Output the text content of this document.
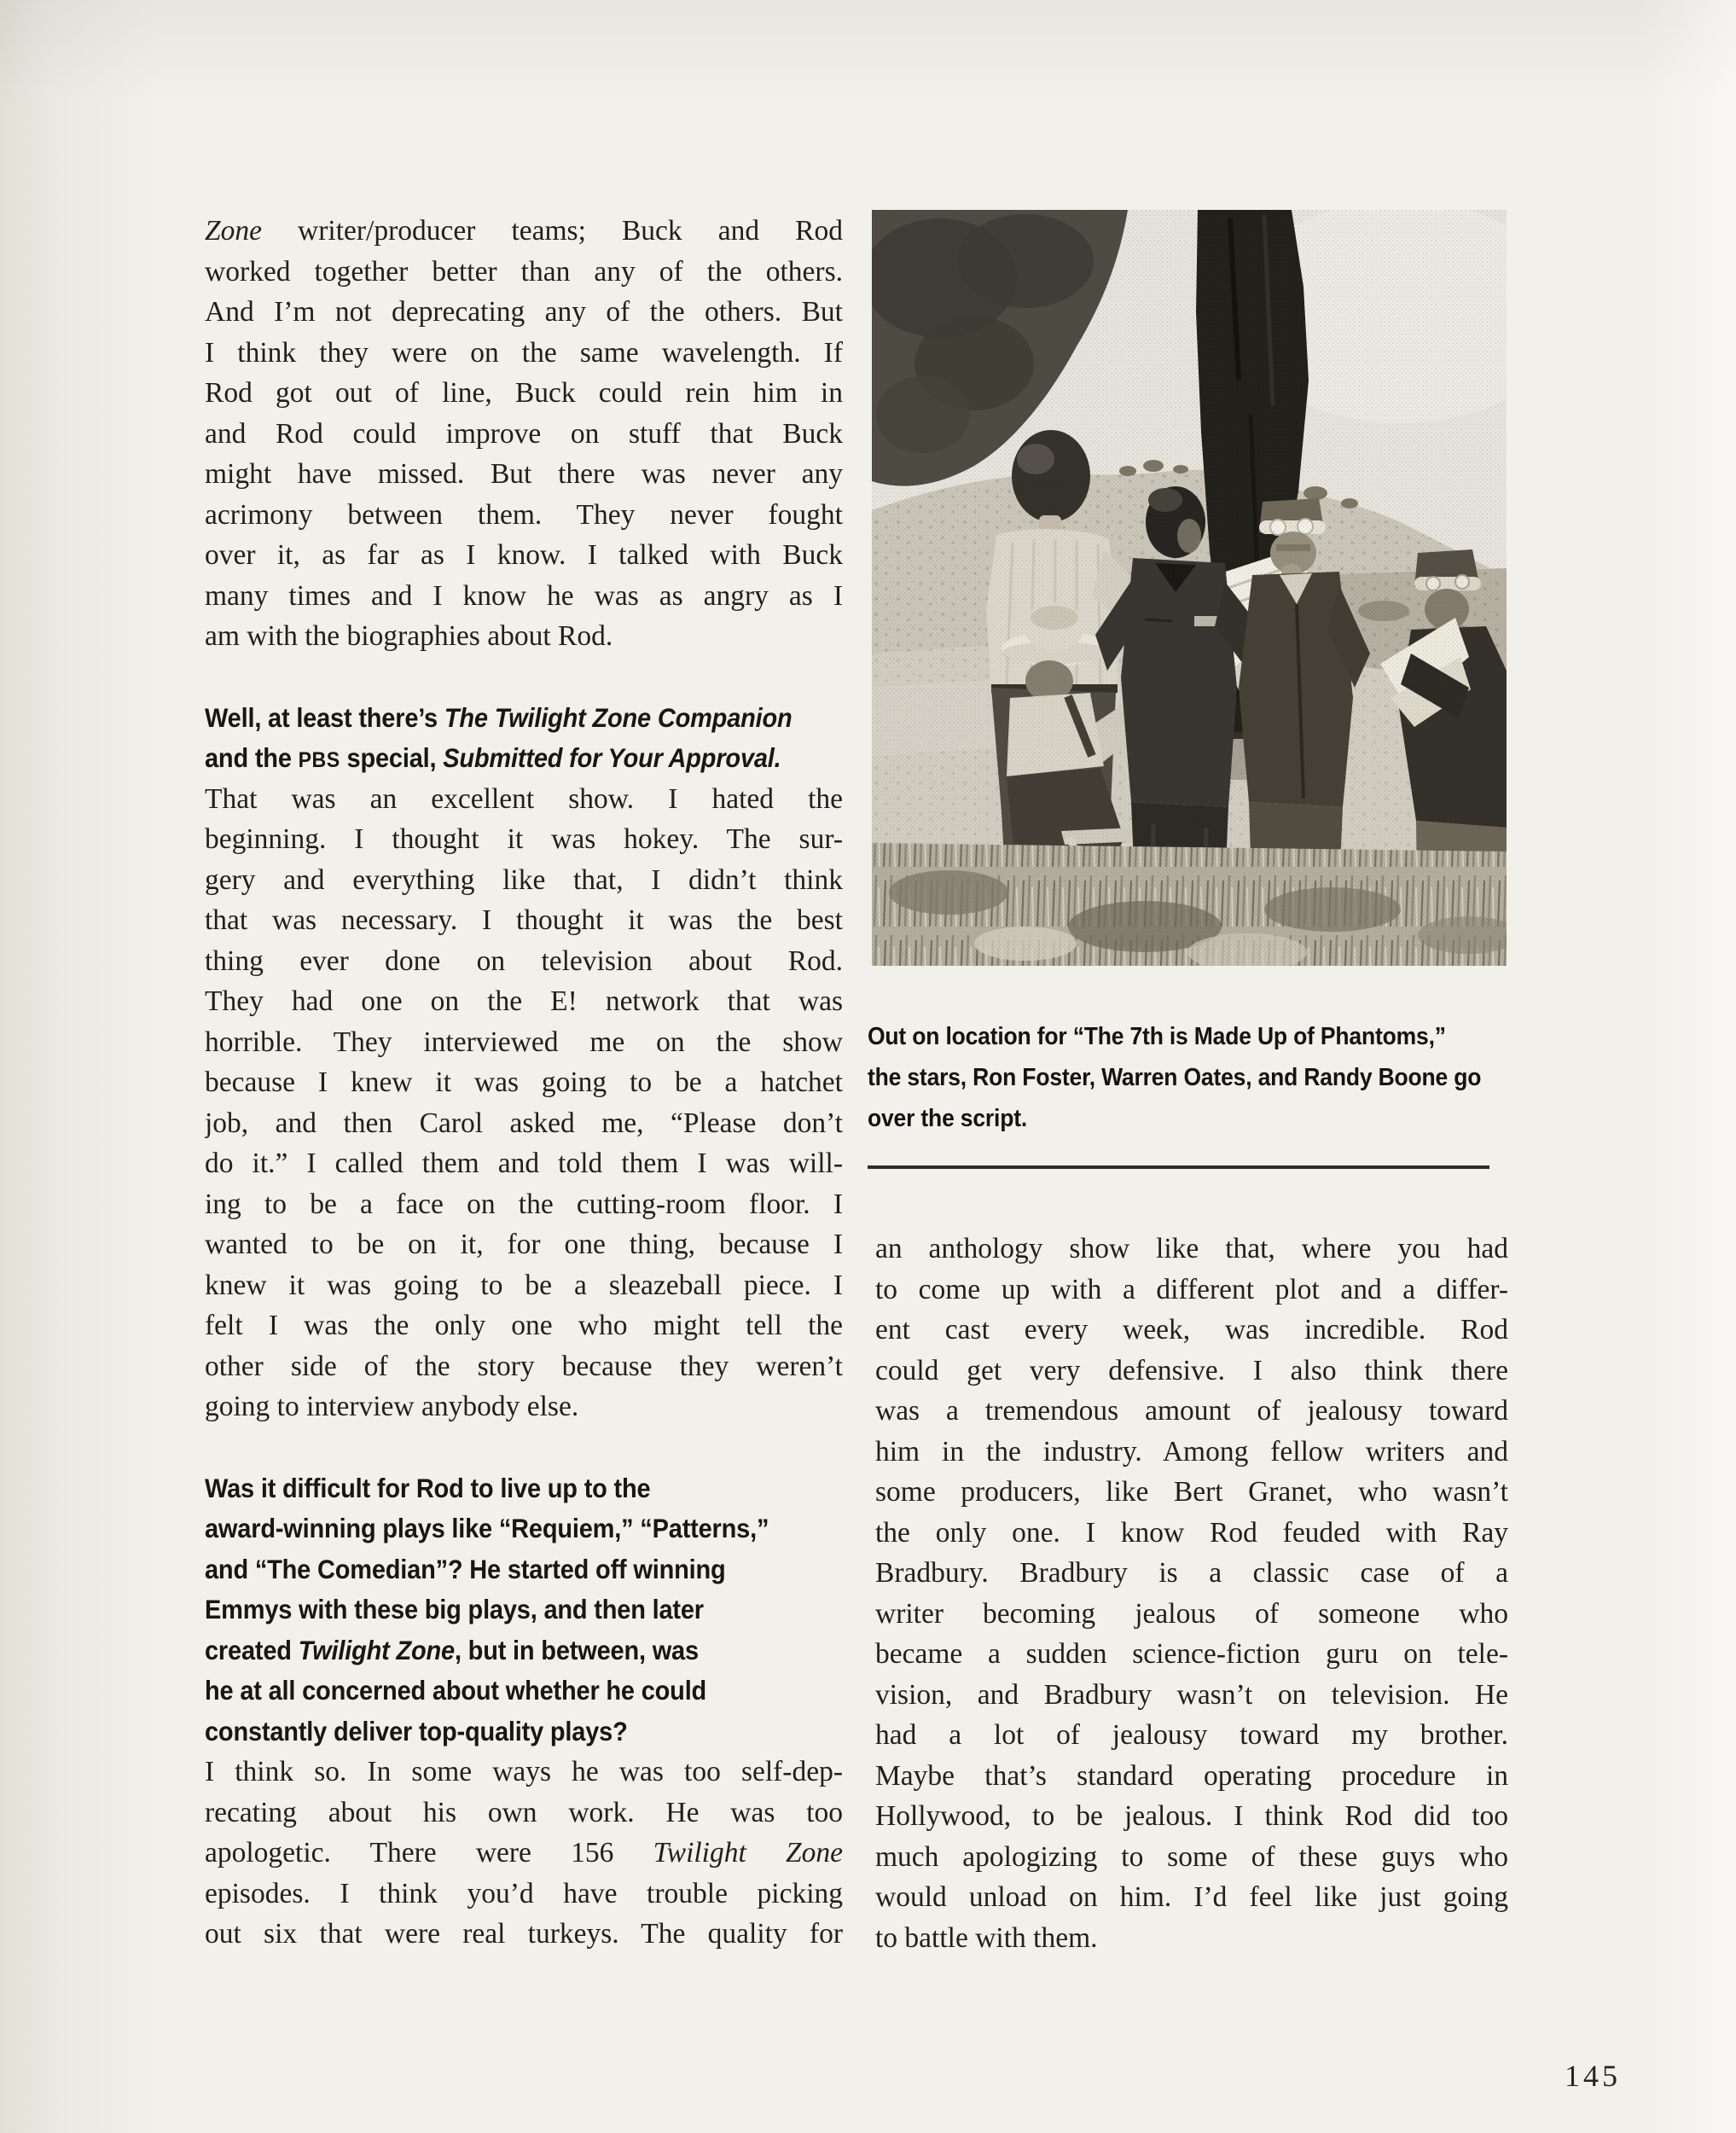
Zone writer/producer teams; Buck and Rod
worked together better than any of the others.
And I’m not deprecating any of the others. But
I think they were on the same wavelength. If
Rod got out of line, Buck could rein him in
and Rod could improve on stuff that Buck
might have missed. But there was never any
acrimony between them. They never fought
over it, as far as I know. I talked with Buck
many times and I know he was as angry as I
am with the biographies about Rod.
Well, at least there’s The Twilight Zone Companion
and the PBS special, Submitted for Your Approval.
That was an excellent show. I hated the
beginning. I thought it was hokey. The sur-
gery and everything like that, I didn’t think
that was necessary. I thought it was the best
thing ever done on television about Rod.
They had one on the E! network that was
horrible. They interviewed me on the show
because I knew it was going to be a hatchet
job, and then Carol asked me, “Please don’t
do it.” I called them and told them I was will-
ing to be a face on the cutting-room floor. I
wanted to be on it, for one thing, because I
knew it was going to be a sleazeball piece. I
felt I was the only one who might tell the
other side of the story because they weren’t
going to interview anybody else.
Was it difficult for Rod to live up to the
award-winning plays like “Requiem,” “Patterns,”
and “The Comedian”? He started off winning
Emmys with these big plays, and then later
created Twilight Zone, but in between, was
he at all concerned about whether he could
constantly deliver top-quality plays?
I think so. In some ways he was too self-dep-
recating about his own work. He was too
apologetic. There were 156 Twilight Zone
episodes. I think you’d have trouble picking
out six that were real turkeys. The quality for
Out on location for “The 7th is Made Up of Phantoms,”
the stars, Ron Foster, Warren Oates, and Randy Boone go
over the script.
an anthology show like that, where you had
to come up with a different plot and a differ-
ent cast every week, was incredible. Rod
could get very defensive. I also think there
was a tremendous amount of jealousy toward
him in the industry. Among fellow writers and
some producers, like Bert Granet, who wasn’t
the only one. I know Rod feuded with Ray
Bradbury. Bradbury is a classic case of a
writer becoming jealous of someone who
became a sudden science-fiction guru on tele-
vision, and Bradbury wasn’t on television. He
had a lot of jealousy toward my brother.
Maybe that’s standard operating procedure in
Hollywood, to be jealous. I think Rod did too
much apologizing to some of these guys who
would unload on him. I’d feel like just going
to battle with them.
145
